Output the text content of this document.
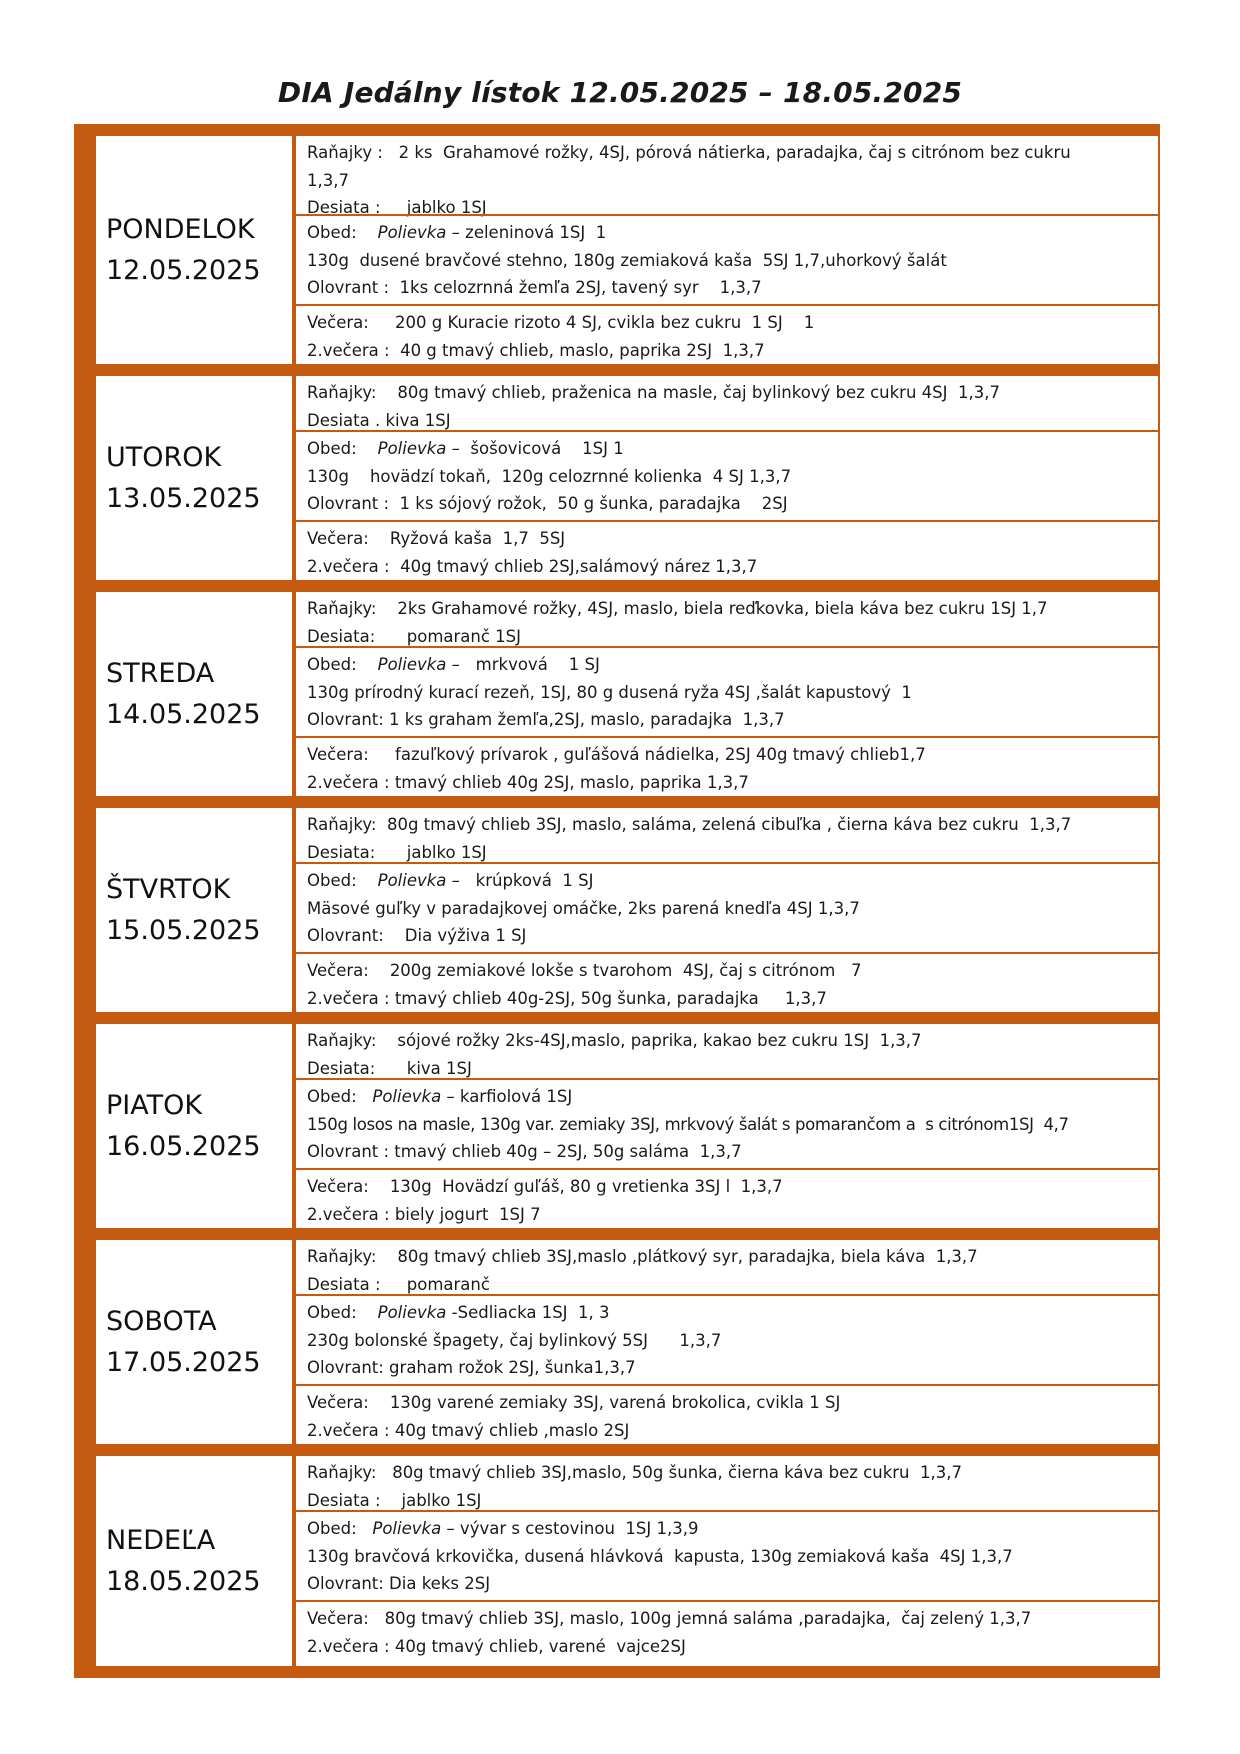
DIA Jedálny lístok 12.05.2025 – 18.05.2025
PONDELOK
12.05.2025
Raňajky :   2 ks  Grahamové rožky, 4SJ, pórová nátierka, paradajka, čaj s citrónom bez cukru
1,3,7
Desiata :     jablko 1SJ
Obed:    Polievka – zeleninová 1SJ  1
130g  dusené bravčové stehno, 180g zemiaková kaša  5SJ 1,7,uhorkový šalát
Olovrant :  1ks celozrnná žemľa 2SJ, tavený syr    1,3,7
Večera:     200 g Kuracie rizoto 4 SJ, cvikla bez cukru  1 SJ    1
2.večera :  40 g tmavý chlieb, maslo, paprika 2SJ  1,3,7
UTOROK
13.05.2025
Raňajky:    80g tmavý chlieb, praženica na masle, čaj bylinkový bez cukru 4SJ  1,3,7
Desiata . kiva 1SJ
Obed:    Polievka –  šošovicová    1SJ 1
130g    hovädzí tokaň,  120g celozrnné kolienka  4 SJ 1,3,7
Olovrant :  1 ks sójový rožok,  50 g šunka, paradajka    2SJ
Večera:    Ryžová kaša  1,7  5SJ
2.večera :  40g tmavý chlieb 2SJ,salámový nárez 1,3,7
STREDA
14.05.2025
Raňajky:    2ks Grahamové rožky, 4SJ, maslo, biela reďkovka, biela káva bez cukru 1SJ 1,7
Desiata:      pomaranč 1SJ
Obed:    Polievka –   mrkvová    1 SJ
130g prírodný kurací rezeň, 1SJ, 80 g dusená ryža 4SJ ,šalát kapustový  1
Olovrant: 1 ks graham žemľa,2SJ, maslo, paradajka  1,3,7
Večera:     fazuľkový prívarok , guľášová nádielka, 2SJ 40g tmavý chlieb1,7
2.večera : tmavý chlieb 40g 2SJ, maslo, paprika 1,3,7
ŠTVRTOK
15.05.2025
Raňajky:  80g tmavý chlieb 3SJ, maslo, saláma, zelená cibuľka , čierna káva bez cukru  1,3,7
Desiata:      jablko 1SJ
Obed:    Polievka –   krúpková  1 SJ
Mäsové guľky v paradajkovej omáčke, 2ks parená knedľa 4SJ 1,3,7
Olovrant:    Dia výživa 1 SJ
Večera:    200g zemiakové lokše s tvarohom  4SJ, čaj s citrónom   7
2.večera : tmavý chlieb 40g-2SJ, 50g šunka, paradajka     1,3,7
PIATOK
16.05.2025
Raňajky:    sójové rožky 2ks-4SJ,maslo, paprika, kakao bez cukru 1SJ  1,3,7
Desiata:      kiva 1SJ
Obed:   Polievka – karfiolová 1SJ
150g losos na masle, 130g var. zemiaky 3SJ, mrkvový šalát s pomarančom a  s citrónom1SJ  4,7
Olovrant : tmavý chlieb 40g – 2SJ, 50g saláma  1,3,7
Večera:    130g  Hovädzí guľáš, 80 g vretienka 3SJ l  1,3,7
2.večera : biely jogurt  1SJ 7
SOBOTA
17.05.2025
Raňajky:    80g tmavý chlieb 3SJ,maslo ,plátkový syr, paradajka, biela káva  1,3,7
Desiata :     pomaranč
Obed:    Polievka -Sedliacka 1SJ  1, 3
230g bolonské špagety, čaj bylinkový 5SJ      1,3,7
Olovrant: graham rožok 2SJ, šunka1,3,7
Večera:    130g varené zemiaky 3SJ, varená brokolica, cvikla 1 SJ
2.večera : 40g tmavý chlieb ,maslo 2SJ
NEDEĽA
18.05.2025
Raňajky:   80g tmavý chlieb 3SJ,maslo, 50g šunka, čierna káva bez cukru  1,3,7
Desiata :    jablko 1SJ
Obed:   Polievka – vývar s cestovinou  1SJ 1,3,9
130g bravčová krkovička, dusená hlávková  kapusta, 130g zemiaková kaša  4SJ 1,3,7
Olovrant: Dia keks 2SJ
Večera:   80g tmavý chlieb 3SJ, maslo, 100g jemná saláma ,paradajka,  čaj zelený 1,3,7
2.večera : 40g tmavý chlieb, varené  vajce2SJ
